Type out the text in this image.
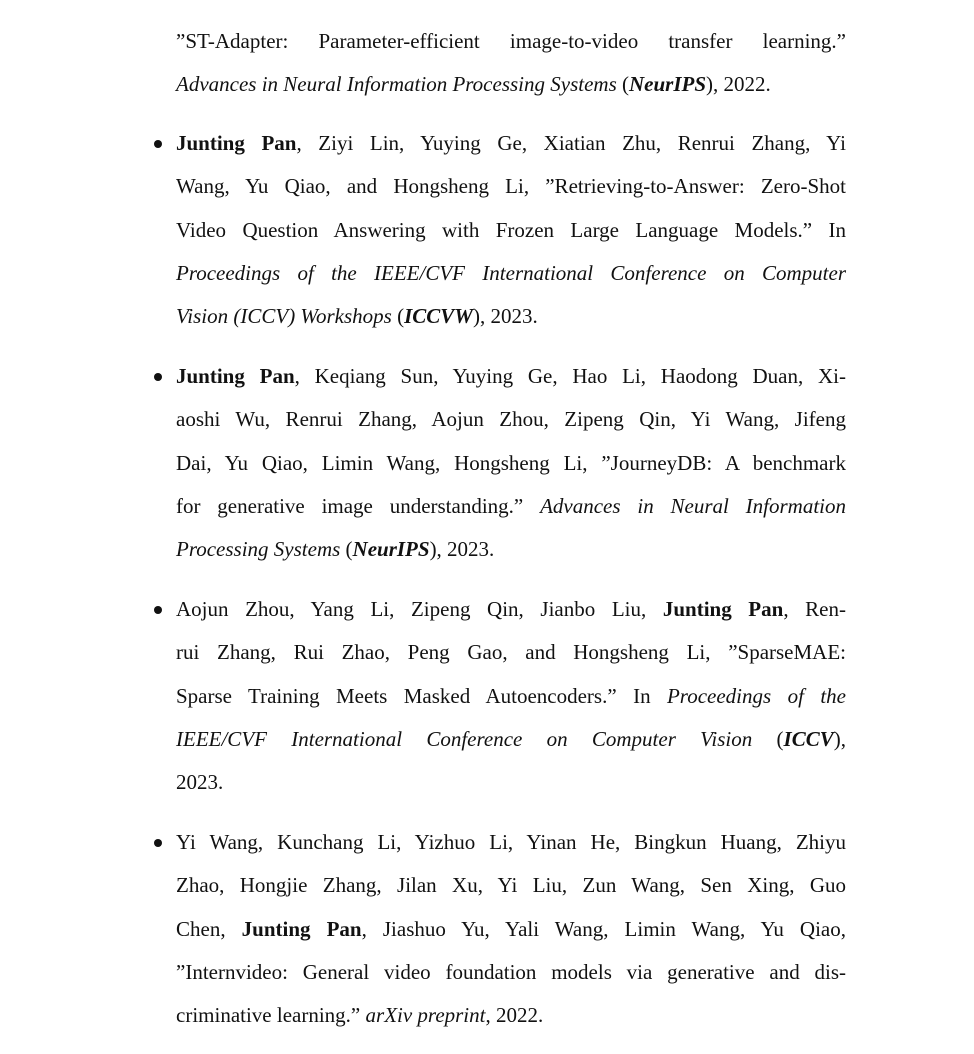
”ST-Adapter: Parameter-efficient image-to-video transfer learning.”
Advances in Neural Information Processing Systems (NeurIPS), 2022.
Junting Pan, Ziyi Lin, Yuying Ge, Xiatian Zhu, Renrui Zhang, Yi
Wang, Yu Qiao, and Hongsheng Li, ”Retrieving-to-Answer: Zero-Shot
Video Question Answering with Frozen Large Language Models.” In
Proceedings of the IEEE/CVF International Conference on Computer
Vision (ICCV) Workshops (ICCVW), 2023.
Junting Pan, Keqiang Sun, Yuying Ge, Hao Li, Haodong Duan, Xi-
aoshi Wu, Renrui Zhang, Aojun Zhou, Zipeng Qin, Yi Wang, Jifeng
Dai, Yu Qiao, Limin Wang, Hongsheng Li, ”JourneyDB: A benchmark
for generative image understanding.” Advances in Neural Information
Processing Systems (NeurIPS), 2023.
Aojun Zhou, Yang Li, Zipeng Qin, Jianbo Liu, Junting Pan, Ren-
rui Zhang, Rui Zhao, Peng Gao, and Hongsheng Li, ”SparseMAE:
Sparse Training Meets Masked Autoencoders.” In Proceedings of the
IEEE/CVF International Conference on Computer Vision (ICCV),
2023.
Yi Wang, Kunchang Li, Yizhuo Li, Yinan He, Bingkun Huang, Zhiyu
Zhao, Hongjie Zhang, Jilan Xu, Yi Liu, Zun Wang, Sen Xing, Guo
Chen, Junting Pan, Jiashuo Yu, Yali Wang, Limin Wang, Yu Qiao,
”Internvideo: General video foundation models via generative and dis-
criminative learning.” arXiv preprint, 2022.
